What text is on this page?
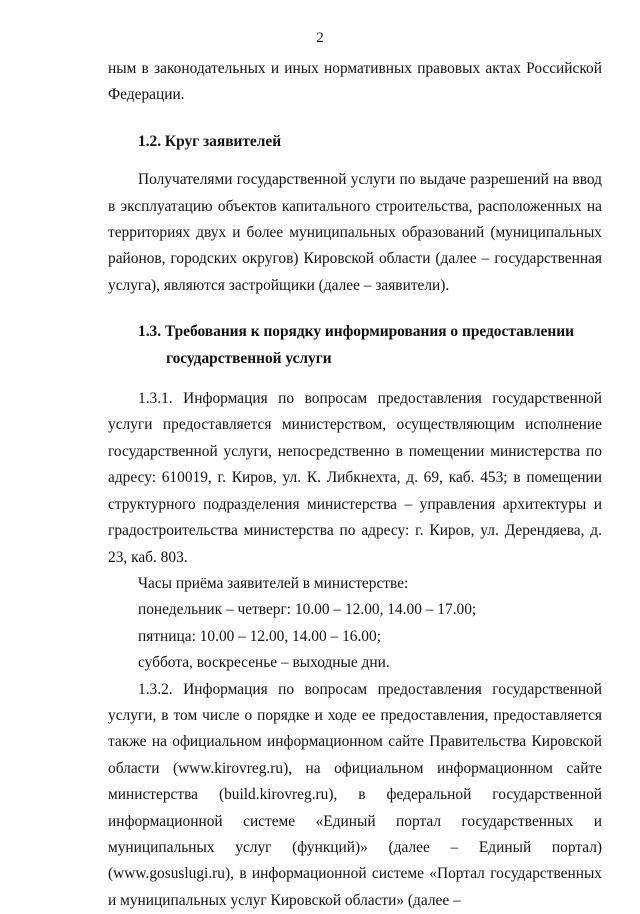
2

ным в законодательных и иных нормативных правовых актах Российской Федерации.

1.2. Круг заявителей

Получателями государственной услуги по выдаче разрешений на ввод в эксплуатацию объектов капитального строительства, расположенных на территориях двух и более муниципальных образований (муниципальных районов, городских округов) Кировской области (далее – государственная услуга), являются застройщики (далее – заявители).

1.3. Требования к порядку информирования о предоставлении государственной услуги

1.3.1. Информация по вопросам предоставления государственной услуги предоставляется министерством, осуществляющим исполнение государственной услуги, непосредственно в помещении министерства по адресу: 610019, г. Киров, ул. К. Либкнехта, д. 69, каб. 453; в помещении структурного подразделения министерства – управления архитектуры и градостроительства министерства по адресу: г. Киров, ул. Дерендяева, д. 23, каб. 803.

Часы приёма заявителей в министерстве:

понедельник – четверг: 10.00 – 12.00, 14.00 – 17.00;

пятница: 10.00 – 12.00, 14.00 – 16.00;

суббота, воскресенье – выходные дни.

1.3.2. Информация по вопросам предоставления государственной услуги, в том числе о порядке и ходе ее предоставления, предоставляется также на официальном информационном сайте Правительства Кировской области (www.kirovreg.ru), на официальном информационном сайте министерства (build.kirovreg.ru), в федеральной государственной информационной системе «Единый портал государственных и муниципальных услуг (функций)» (далее – Единый портал) (www.gosuslugi.ru), в информационной системе «Портал государственных и муниципальных услуг Кировской области» (далее –
